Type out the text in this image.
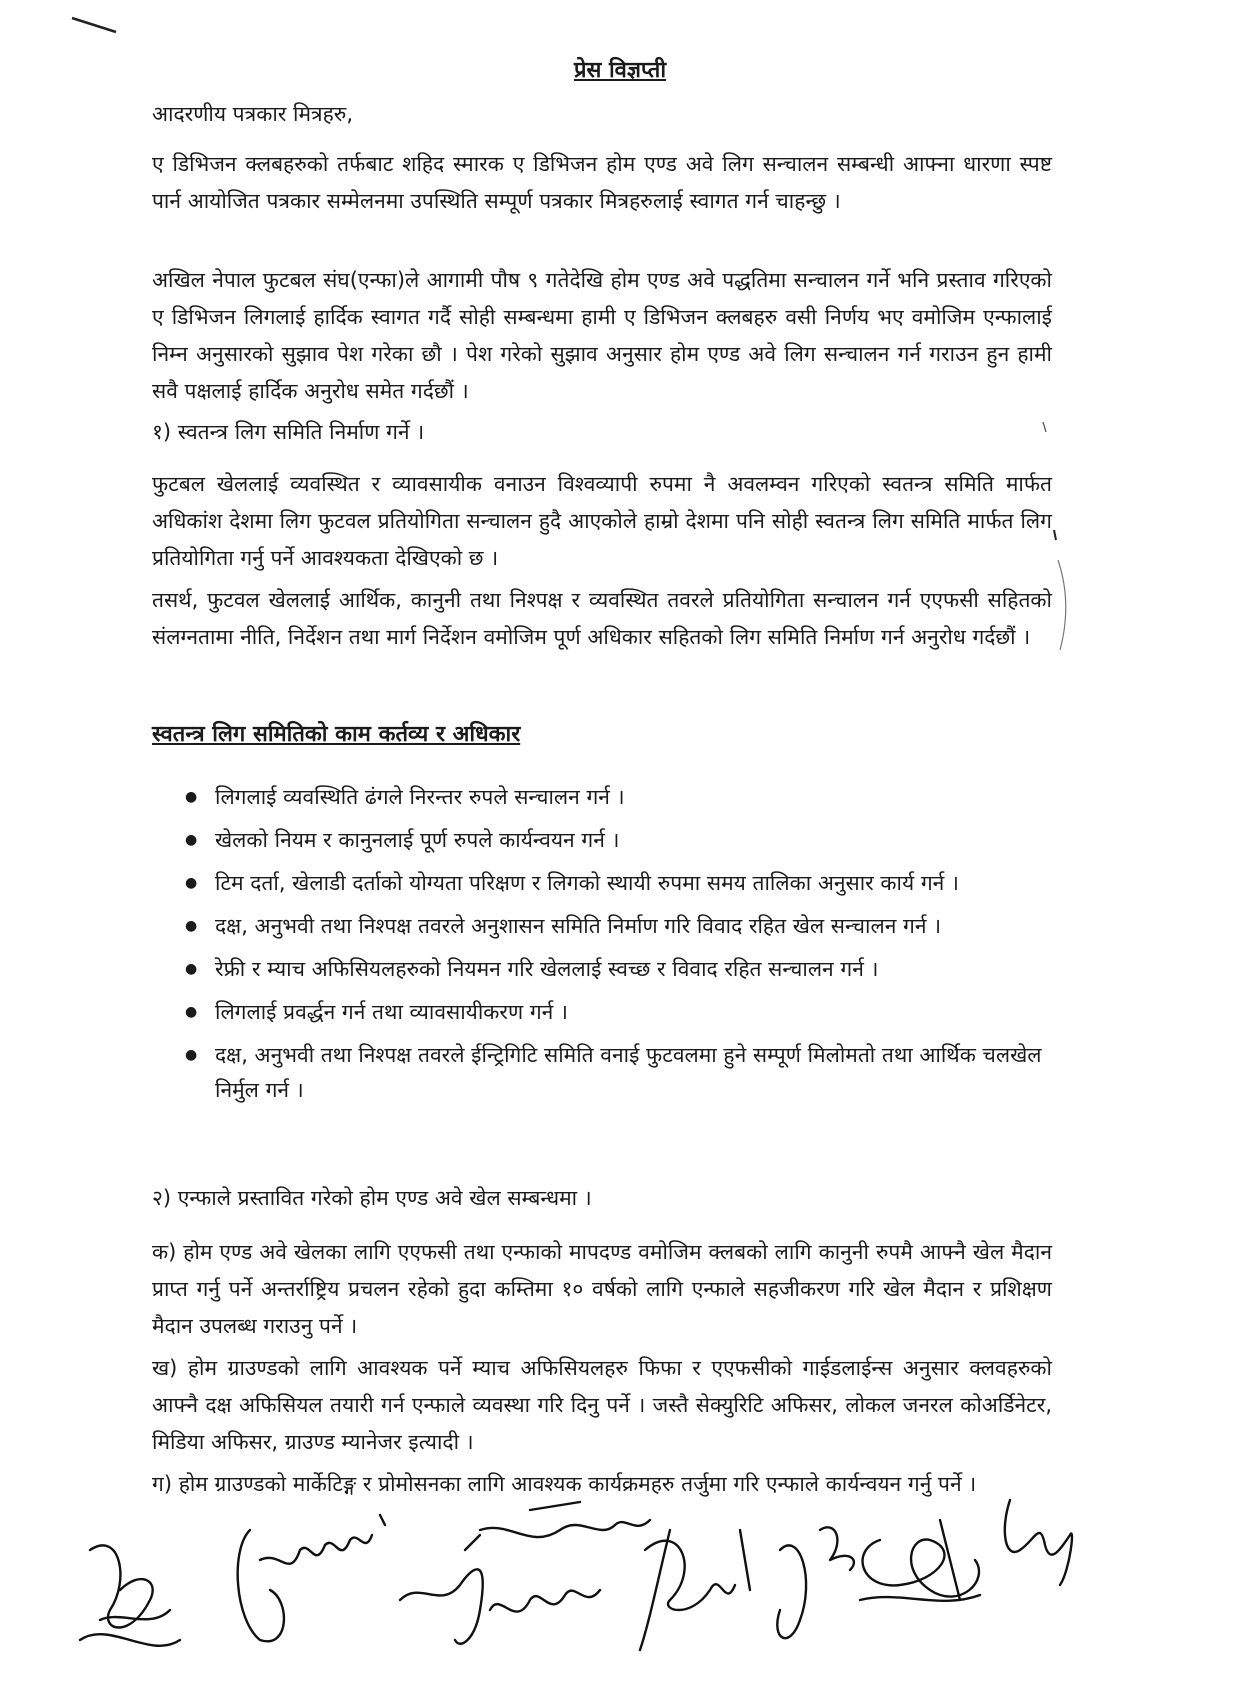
प्रेस विज्ञप्ती

आदरणीय पत्रकार मित्रहरु,

ए डिभिजन क्लबहरुको तर्फबाट शहिद स्मारक ए डिभिजन होम एण्ड अवे लिग सन्चालन सम्बन्धी आफ्ना धारणा स्पष्ट पार्न आयोजित पत्रकार सम्मेलनमा उपस्थिति सम्पूर्ण पत्रकार मित्रहरुलाई स्वागत गर्न चाहन्छु ।

अखिल नेपाल फुटबल संघ(एन्फा)ले आगामी पौष ९ गतेदेखि होम एण्ड अवे पद्धतिमा सन्चालन गर्ने भनि प्रस्ताव गरिएको ए डिभिजन लिगलाई हार्दिक स्वागत गर्दै सोही सम्बन्धमा हामी ए डिभिजन क्लबहरु वसी निर्णय भए वमोजिम एन्फालाई निम्न अनुसारको सुझाव पेश गरेका छौ । पेश गरेको सुझाव अनुसार होम एण्ड अवे लिग सन्चालन गर्न गराउन हुन हामी सवै पक्षलाई हार्दिक अनुरोध समेत गर्दछौं ।

१) स्वतन्त्र लिग समिति निर्माण गर्ने ।

फुटबल खेललाई व्यवस्थित र व्यावसायीक वनाउन विश्वव्यापी रुपमा नै अवलम्वन गरिएको स्वतन्त्र समिति मार्फत अधिकांश देशमा लिग फुटवल प्रतियोगिता सन्चालन हुदै आएकोले हाम्रो देशमा पनि सोही स्वतन्त्र लिग समिति मार्फत लिग प्रतियोगिता गर्नु पर्ने आवश्यकता देखिएको छ ।

तसर्थ, फुटवल खेललाई आर्थिक, कानुनी तथा निश्पक्ष र व्यवस्थित तवरले प्रतियोगिता सन्चालन गर्न एएफसी सहितको संलग्नतामा नीति, निर्देशन तथा मार्ग निर्देशन वमोजिम पूर्ण अधिकार सहितको लिग समिति निर्माण गर्न अनुरोध गर्दछौं ।

स्वतन्त्र लिग समितिको काम कर्तव्य र अधिकार
● लिगलाई व्यवस्थिति ढंगले निरन्तर रुपले सन्चालन गर्न ।
● खेलको नियम र कानुनलाई पूर्ण रुपले कार्यन्वयन गर्न ।
● टिम दर्ता, खेलाडी दर्ताको योग्यता परिक्षण र लिगको स्थायी रुपमा समय तालिका अनुसार कार्य गर्न ।
● दक्ष, अनुभवी तथा निश्पक्ष तवरले अनुशासन समिति निर्माण गरि विवाद रहित खेल सन्चालन गर्न ।
● रेफ्री र म्याच अफिसियलहरुको नियमन गरि खेललाई स्वच्छ र विवाद रहित सन्चालन गर्न ।
● लिगलाई प्रवर्द्धन गर्न तथा व्यावसायीकरण गर्न ।
● दक्ष, अनुभवी तथा निश्पक्ष तवरले ईन्ट्रिगिटि समिति वनाई फुटवलमा हुने सम्पूर्ण मिलोमतो तथा आर्थिक चलखेल निर्मुल गर्न ।

२) एन्फाले प्रस्तावित गरेको होम एण्ड अवे खेल सम्बन्धमा ।

क) होम एण्ड अवे खेलका लागि एएफसी तथा एन्फाको मापदण्ड वमोजिम क्लबको लागि कानुनी रुपमै आफ्नै खेल मैदान प्राप्त गर्नु पर्ने अन्तर्राष्ट्रिय प्रचलन रहेको हुदा कम्तिमा १० वर्षको लागि एन्फाले सहजीकरण गरि खेल मैदान र प्रशिक्षण मैदान उपलब्ध गराउनु पर्ने ।

ख) होम ग्राउण्डको लागि आवश्यक पर्ने म्याच अफिसियलहरु फिफा र एएफसीको गाईडलाईन्स अनुसार क्लवहरुको आफ्नै दक्ष अफिसियल तयारी गर्न एन्फाले व्यवस्था गरि दिनु पर्ने । जस्तै सेक्युरिटि अफिसर, लोकल जनरल कोअर्डिनेटर, मिडिया अफिसर, ग्राउण्ड म्यानेजर इत्यादी ।

ग) होम ग्राउण्डको मार्केटिङ्ग र प्रोमोसनका लागि आवश्यक कार्यक्रमहरु तर्जुमा गरि एन्फाले कार्यन्वयन गर्नु पर्ने ।
